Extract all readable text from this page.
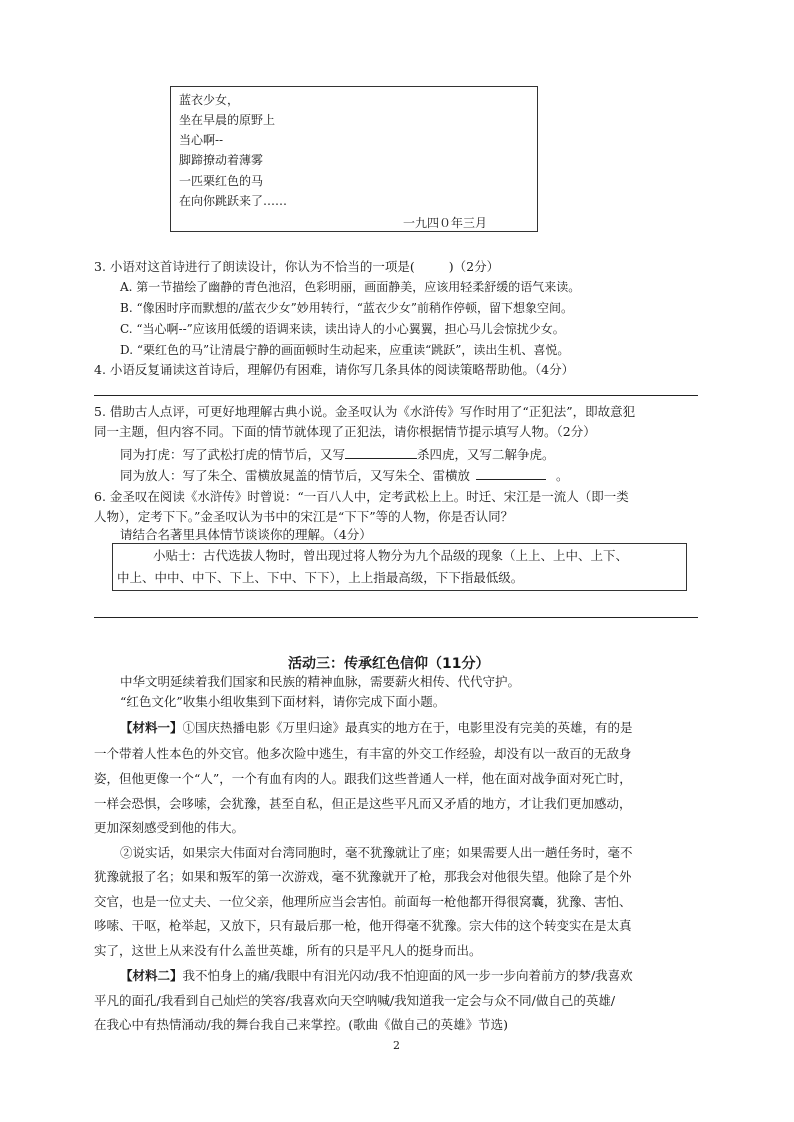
蓝衣少女，
坐在早晨的原野上
当心啊--
脚蹄撩动着薄雾
一匹栗红色的马
在向你跳跃来了……
一九四０年三月
3. 小语对这首诗进行了朗读设计，你认为不恰当的一项是(	)（2分）
A. 第一节描绘了幽静的青色池沼，色彩明丽，画面静美，应该用轻柔舒缓的语气来读。
B. “像困时序而默想的/蓝衣少女”妙用转行，“蓝衣少女”前稍作停顿，留下想象空间。
C. “当心啊--”应该用低缓的语调来读，读出诗人的小心翼翼，担心马儿会惊扰少女。
D. “栗红色的马”让清晨宁静的画面顿时生动起来，应重读“跳跃”，读出生机、喜悦。
4. 小语反复诵读这首诗后，理解仍有困难，请你写几条具体的阅读策略帮助他。（4分）
5. 借助古人点评，可更好地理解古典小说。金圣叹认为《水浒传》写作时用了“正犯法”，即故意犯
同一主题，但内容不同。下面的情节就体现了正犯法，请你根据情节提示填写人物。（2分）
同为打虎：写了武松打虎的情节后，又写	杀四虎，又写二解争虎。
同为放人：写了朱仝、雷横放晁盖的情节后，又写朱仝、雷横放	。
6. 金圣叹在阅读《水浒传》时曾说：“一百八人中，定考武松上上。时迁、宋江是一流人（即一类
人物），定考下下。”金圣叹认为书中的宋江是“下下”等的人物，你是否认同？
请结合名著里具体情节谈谈你的理解。（4分）
小贴士：古代选拔人物时，曾出现过将人物分为九个品级的现象（上上、上中、上下、
中上、中中、中下、下上、下中、下下），上上指最高级，下下指最低级。
活动三：传承红色信仰（11分）
中华文明延续着我们国家和民族的精神血脉，需要薪火相传、代代守护。
“红色文化”收集小组收集到下面材料，请你完成下面小题。
【材料一】①国庆热播电影《万里归途》最真实的地方在于，电影里没有完美的英雄，有的是
一个带着人性本色的外交官。他多次险中逃生，有丰富的外交工作经验，却没有以一敌百的无敌身
姿，但他更像一个“人”，一个有血有肉的人。跟我们这些普通人一样，他在面对战争面对死亡时，
一样会恐惧，会哆嗦，会犹豫，甚至自私，但正是这些平凡而又矛盾的地方，才让我们更加感动，
更加深刻感受到他的伟大。
②说实话，如果宗大伟面对台湾同胞时，毫不犹豫就让了座；如果需要人出一趟任务时，毫不
犹豫就报了名；如果和叛军的第一次游戏，毫不犹豫就开了枪，那我会对他很失望。他除了是个外
交官，也是一位丈夫、一位父亲，他理所应当会害怕。前面每一枪他都开得很窝囊，犹豫、害怕、
哆嗦、干呕，枪举起，又放下，只有最后那一枪，他开得毫不犹豫。宗大伟的这个转变实在是太真
实了，这世上从来没有什么盖世英雄，所有的只是平凡人的挺身而出。
【材料二】我不怕身上的痛/我眼中有泪光闪动/我不怕迎面的风一步一步向着前方的梦/我喜欢
平凡的面孔/我看到自己灿烂的笑容/我喜欢向天空呐喊/我知道我一定会与众不同/做自己的英雄/
在我心中有热情涌动/我的舞台我自己来掌控。(歌曲《做自己的英雄》节选)
2
